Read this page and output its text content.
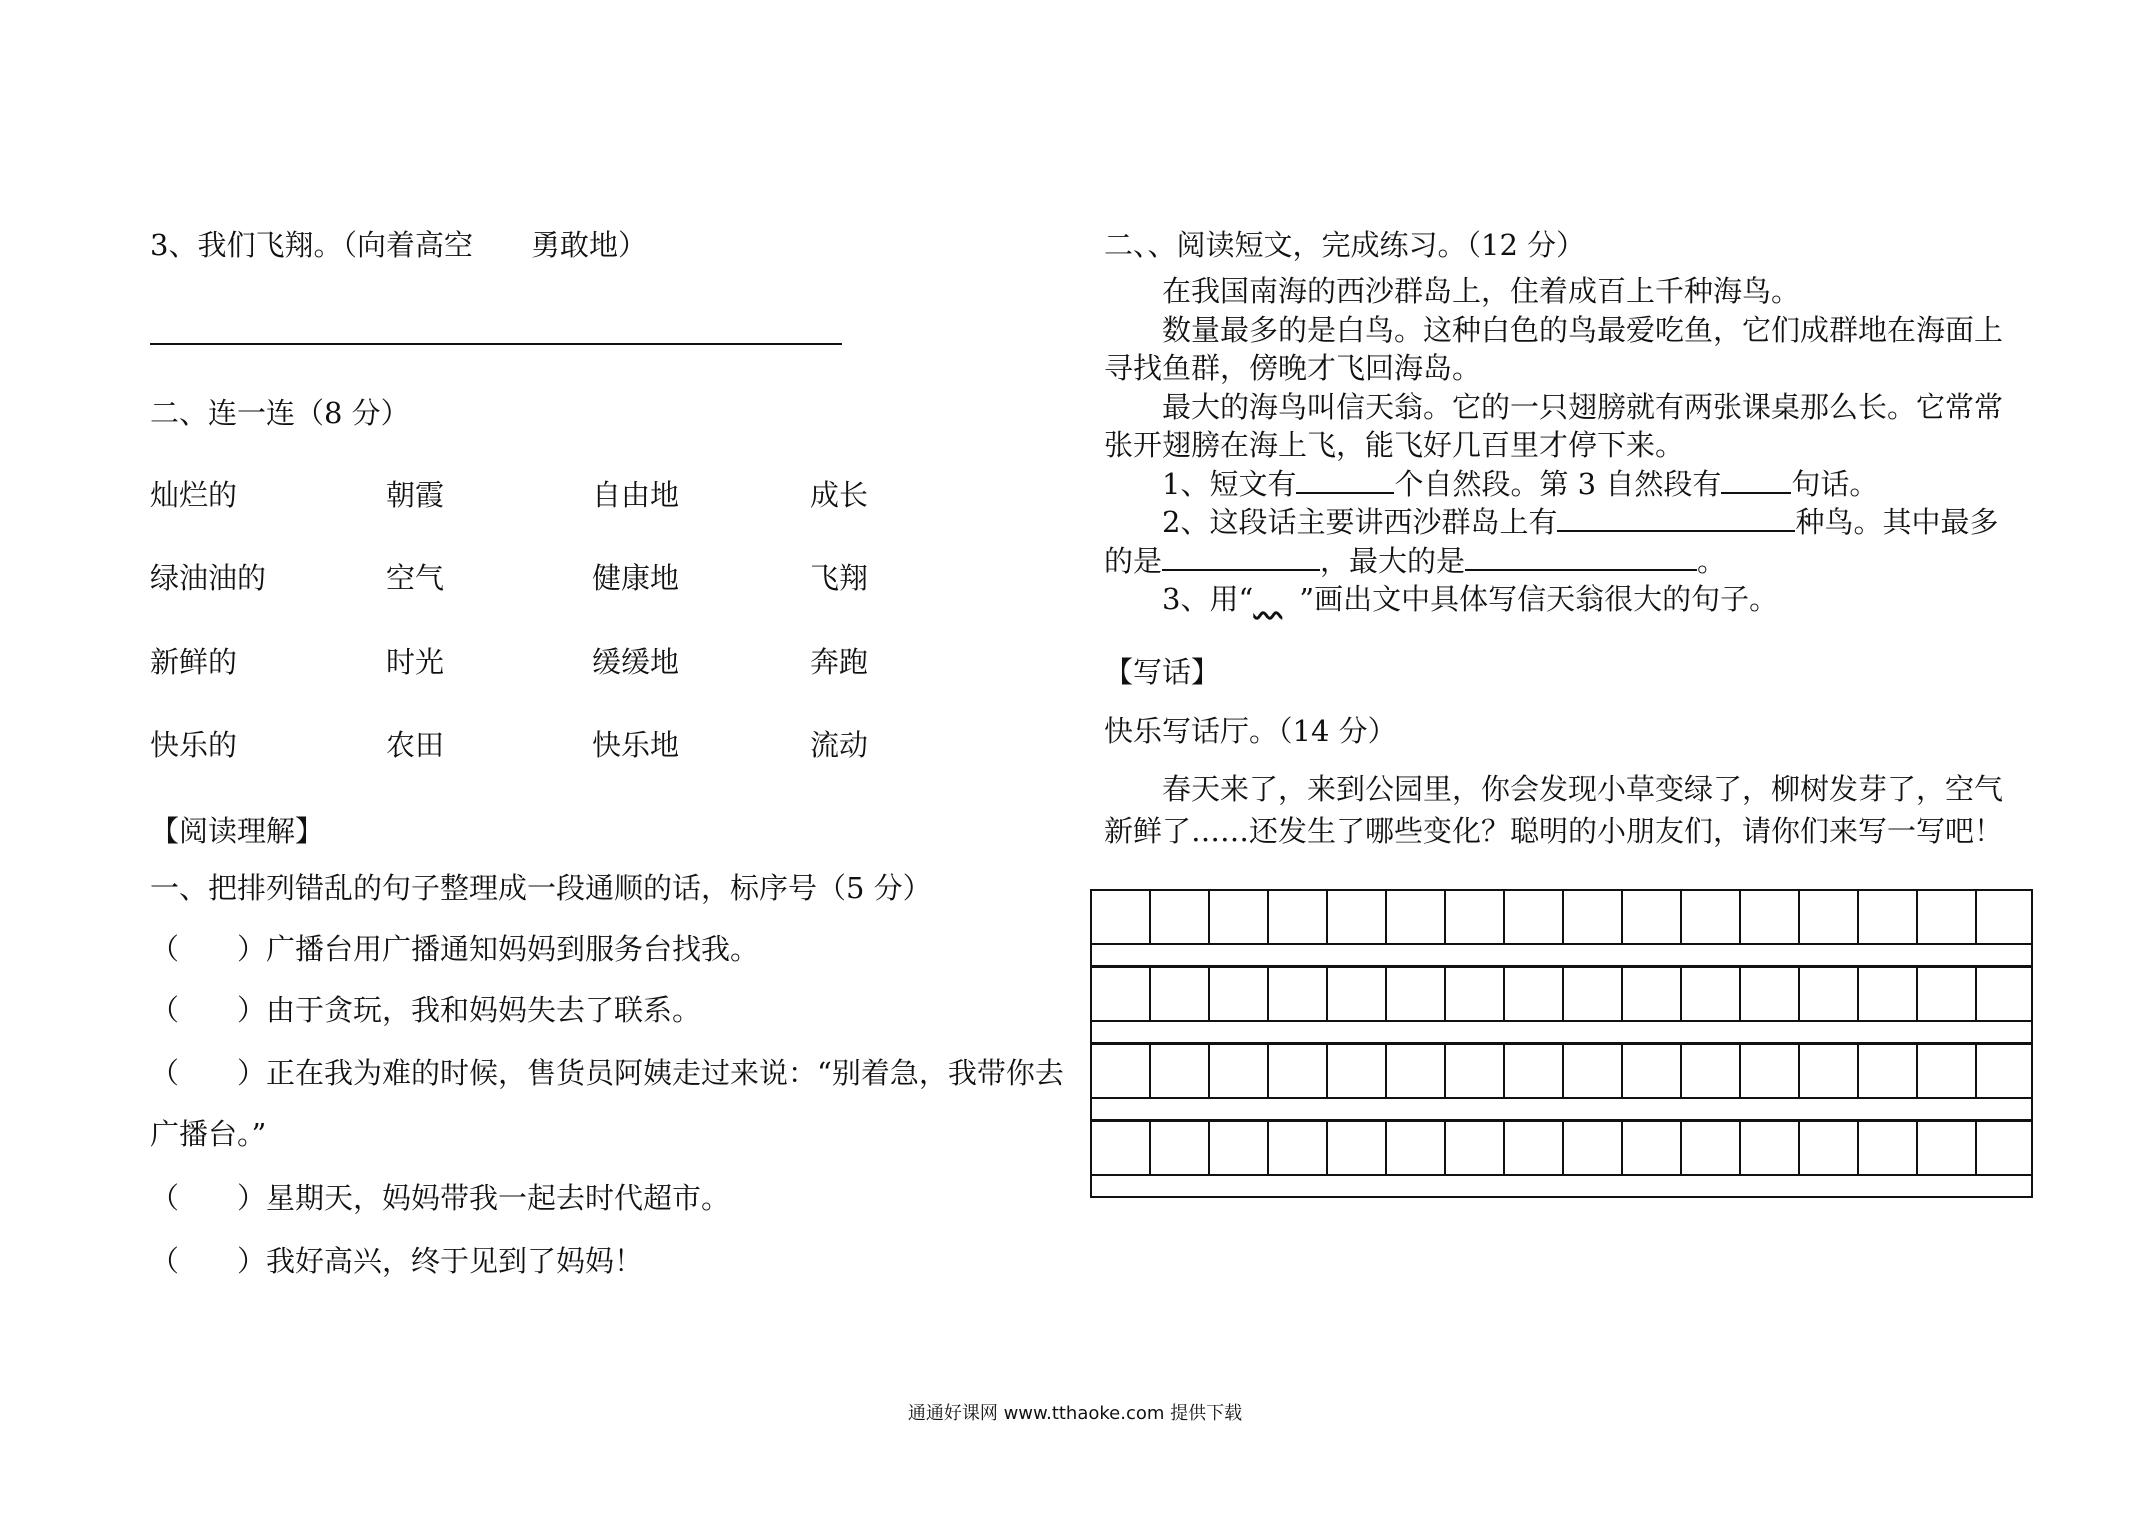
3、我们飞翔。（向着高空　　勇敢地）
二、连一连（8 分）
灿烂的	朝霞	自由地	成长
绿油油的	空气	健康地	飞翔
新鲜的	时光	缓缓地	奔跑
快乐的	农田	快乐地	流动
【阅读理解】
一、把排列错乱的句子整理成一段通顺的话，标序号（5 分）
（　　）广播台用广播通知妈妈到服务台找我。
（　　）由于贪玩，我和妈妈失去了联系。
（　　）正在我为难的时候，售货员阿姨走过来说：“别着急，我带你去
广播台。”
（　　）星期天，妈妈带我一起去时代超市。
（　　）我好高兴，终于见到了妈妈！
二、、阅读短文，完成练习。（12 分）
在我国南海的西沙群岛上，住着成百上千种海鸟。
数量最多的是白鸟。这种白色的鸟最爱吃鱼，它们成群地在海面上
寻找鱼群，傍晚才飞回海岛。
最大的海鸟叫信天翁。它的一只翅膀就有两张课桌那么长。它常常
张开翅膀在海上飞，能飞好几百里才停下来。
1、短文有	个自然段。第 3 自然段有 句话。
2、这段话主要讲西沙群岛上有	种鸟。其中最多
的是	，最大的是	。
3、用“　 ”画出文中具体写信天翁很大的句子。
【写话】
快乐写话厅。（14 分）
春天来了，来到公园里，你会发现小草变绿了，柳树发芽了，空气
新鲜了……还发生了哪些变化？聪明的小朋友们，请你们来写一写吧！
通通好课网 www.tthaoke.com 提供下载
